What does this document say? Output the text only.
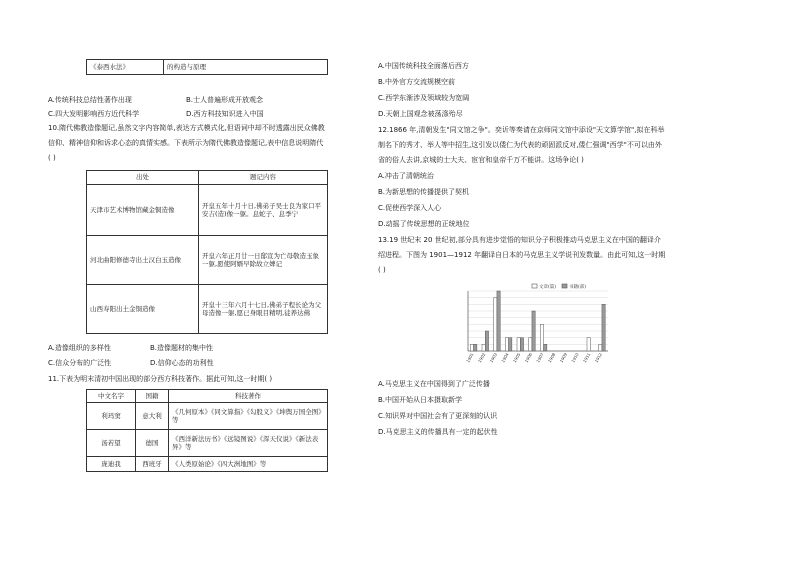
《泰西水法》	的构造与原理
A.传统科技总结性著作出现	B.士人普遍形成开放观念
C.四大发明影响西方近代科学	D.西方科技知识进入中国
10.隋代佛教造像题记,虽然文字内容简单,表达方式模式化,但语词中却不时透露出民众佛教
信仰、精神信仰和诉求心态的真情实感。下表所示为隋代佛教造像题记,表中信息说明隋代
( )
出处	题记内容
天津市艺术博物馆藏金铜造像	开皇五年十月十日,佛弟子吴士良为家口平安吉(造)像一躯。息蛇子、息季宁
河北曲阳修德寺出土汉白玉造像	开皇六年正月廿一日邸宣为亡母敬造玉象一躯,愿使阿婿早除故立婢记
山西寿阳出土金铜造像	开皇十三年六月十七日,佛弟子程长论为父母造像一躯,愿已身眼目精明,徒养达佛
A.造像组织的多样性	B.造像题材的集中性
C.信众分布的广泛性	D.信仰心态的功利性
11.下表为明末清初中国出现的部分西方科技著作。据此可知,这一时期( )
中文名字	国籍	科技著作
利玛窦	意大利	《几何原本》《同文算指》《勾股义》《坤舆万国全图》等
汤若望	德国	《西洋新法历书》《远镜图说》《浑天仪说》《新法表异》等
庞迪我	西班牙	《人类原始论》《四大洲地图》等
A.中国传统科技全面落后西方
B.中外官方交流规模空前
C.西学东渐涉及领域较为宽阔
D.天朝上国观念被荡涤殆尽
12.1866 年,清朝发生"同文馆之争"。奕䜣等奏请在京师同文馆中添设"天文算学馆",拟在科举
制名下的秀才、举人等中招生,这引发以倭仁为代表的顽固派反对,倭仁强调"西学"不可以由外
省的俗人去讲,京城的士大夫、宦官和皇帝千万不能讲。这场争论( )
A.冲击了清朝统治
B.为新思想的传播提供了契机
C.促使西学深入人心
D.动摇了传统思想的正统地位
13.19 世纪末 20 世纪初,部分具有进步觉悟的知识分子积极推动马克思主义在中国的翻译介
绍进程。下图为 1901—1912 年翻译自日本的马克思主义学说刊发数量。由此可知,这一时期
( )
文章(篇)	书籍(部)
1901 1902 1903 1904 1905 1906 1907 1908 1909 1910 1911 1912
A.马克思主义在中国得到了广泛传播
B.中国开始从日本摄取新学
C.知识界对中国社会有了更深刻的认识
D.马克思主义的传播具有一定的起伏性
